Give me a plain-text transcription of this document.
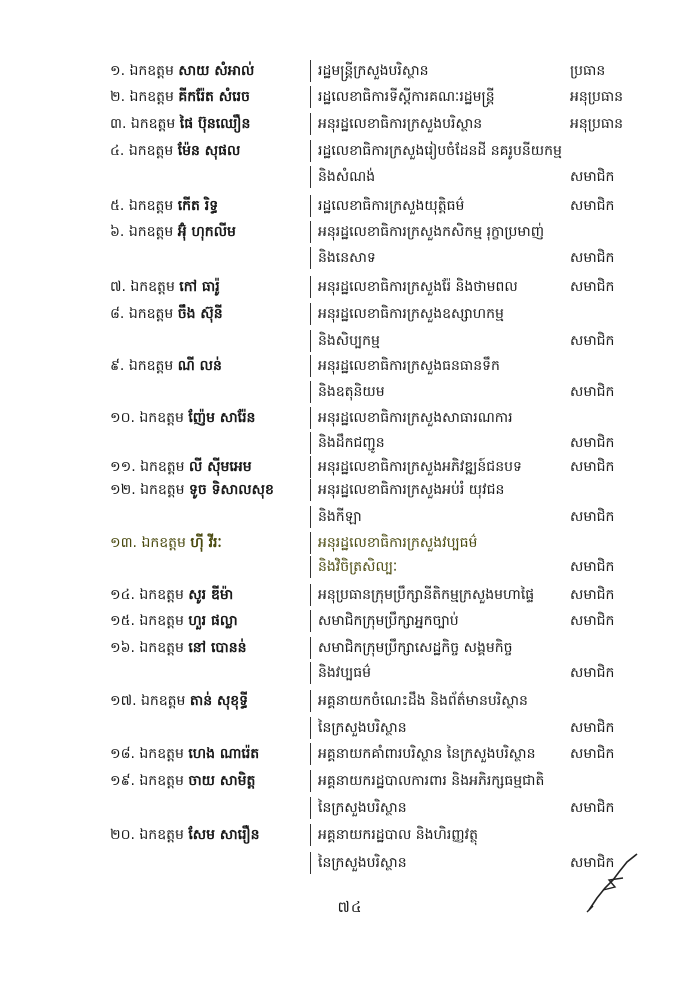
១. ឯកឧត្តម សាយ សំអាល់	រដ្ឋមន្ត្រីក្រសួងបរិស្ថាន	ប្រធាន
២. ឯកឧត្តម គីករ៉ែត សំរេច	រដ្ឋលេខាធិការទីស្តីការគណៈរដ្ឋមន្ត្រី	អនុប្រធាន
៣. ឯកឧត្តម ផៃ ប៊ុនឈឿន	អនុរដ្ឋលេខាធិការក្រសួងបរិស្ថាន	អនុប្រធាន
៤. ឯកឧត្តម ម៉ែន សុផល	រដ្ឋលេខាធិការក្រសួងរៀបចំដែនដី នគរូបនីយកម្ម
និងសំណង់	សមាជិក
៥. ឯកឧត្តម កើត រិទ្ធ	រដ្ឋលេខាធិការក្រសួងយុត្តិធម៌	សមាជិក
៦. ឯកឧត្តម អ៊ុំ ហុកលីម	អនុរដ្ឋលេខាធិការក្រសួងកសិកម្ម រុក្ខាប្រមាញ់
និងនេសាទ	សមាជិក
៧. ឯកឧត្តម កៅ ធារ៉ូ	អនុរដ្ឋលេខាធិការក្រសួងរ៉ែ និងថាមពល	សមាជិក
៨. ឯកឧត្តម ចឹង ស៊ុនី	អនុរដ្ឋលេខាធិការក្រសួងឧស្សាហកម្ម
និងសិប្បកម្ម	សមាជិក
៩. ឯកឧត្តម ណី លន់	អនុរដ្ឋលេខាធិការក្រសួងធនធានទឹក
និងឧតុនិយម	សមាជិក
១០. ឯកឧត្តម ញ៉ែម សារ៉ែន	អនុរដ្ឋលេខាធិការក្រសួងសាធារណការ
និងដឹកជញ្ជូន	សមាជិក
១១. ឯកឧត្តម លី ស៊ីមអេម	អនុរដ្ឋលេខាធិការក្រសួងអភិវឌ្ឍន៍ជនបទ	សមាជិក
១២. ឯកឧត្តម ទូច ទិសាលសុខ	អនុរដ្ឋលេខាធិការក្រសួងអប់រំ យុវជន
និងកីឡា	សមាជិក
១៣. ឯកឧត្តម ហ៊ី វីរៈ	អនុរដ្ឋលេខាធិការក្រសួងវប្បធម៌
និងវិចិត្រសិល្បៈ	សមាជិក
១៤. ឯកឧត្តម សូរ ឌីម៉ា	អនុប្រធានក្រុមប្រឹក្សានីតិកម្មក្រសួងមហាផ្ទៃ	សមាជិក
១៥. ឯកឧត្តម ហួរ ផល្លា	សមាជិកក្រុមប្រឹក្សាអ្នកច្បាប់	សមាជិក
១៦. ឯកឧត្តម នៅ បោនន់	សមាជិកក្រុមប្រឹក្សាសេដ្ឋកិច្ច សង្គមកិច្ច
និងវប្បធម៌	សមាជិក
១៧. ឯកឧត្តម តាន់ សុខុទ្ធី	អគ្គនាយកចំណេះដឹង និងព័ត៌មានបរិស្ថាន
នៃក្រសួងបរិស្ថាន	សមាជិក
១៨. ឯកឧត្តម ហេង ណារ៉េត	អគ្គនាយកគាំពារបរិស្ថាន នៃក្រសួងបរិស្ថាន	សមាជិក
១៩. ឯកឧត្តម ចាយ សាមិត្ត	អគ្គនាយករដ្ឋបាលការពារ និងអភិរក្សធម្មជាតិ
នៃក្រសួងបរិស្ថាន	សមាជិក
២០. ឯកឧត្តម សែម សារឿន	អគ្គនាយករដ្ឋបាល និងហិរញ្ញវត្ថុ
នៃក្រសួងបរិស្ថាន	សមាជិក
៧៤
